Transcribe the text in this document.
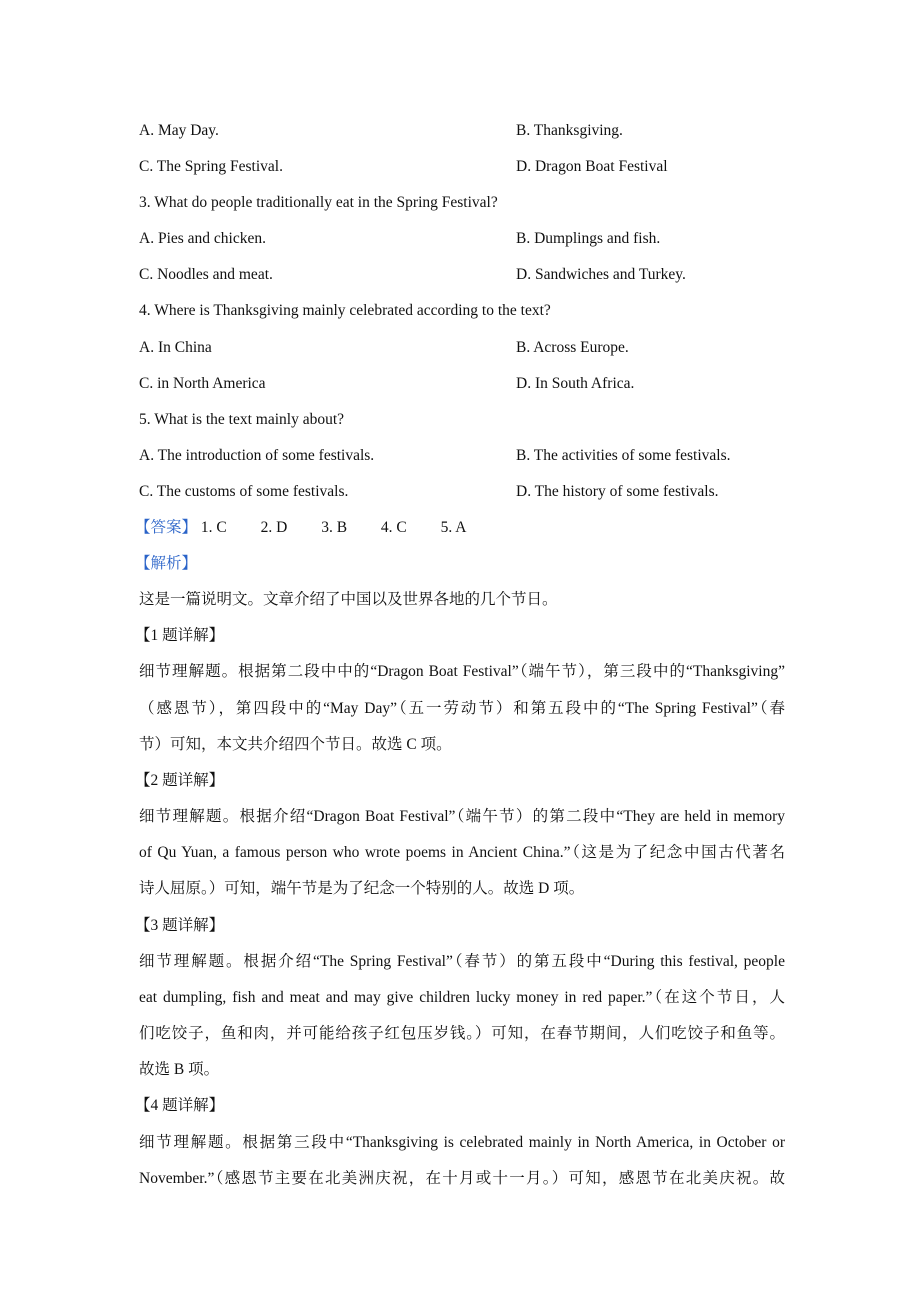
A. May Day.	B. Thanksgiving.
C. The Spring Festival.	D. Dragon Boat Festival
3. What do people traditionally eat in the Spring Festival?
A. Pies and chicken.	B. Dumplings and fish.
C. Noodles and meat.	D. Sandwiches and Turkey.
4. Where is Thanksgiving mainly celebrated according to the text?
A. In China	B. Across Europe.
C. in North America	D. In South Africa.
5. What is the text mainly about?
A. The introduction of some festivals.	B. The activities of some festivals.
C. The customs of some festivals.	D. The history of some festivals.
【答案】 1. C 2. D 3. B 4. C 5. A
【解析】
这是一篇说明文。文章介绍了中国以及世界各地的几个节日。
【1 题详解】
细节理解题。根据第二段中中的“Dragon Boat Festival”（端午节），第三段中的“Thanksgiving”
（感恩节），第四段中的“May Day”（五一劳动节）和第五段中的“The Spring Festival”（春
节）可知，本文共介绍四个节日。故选 C 项。
【2 题详解】
细节理解题。根据介绍“Dragon Boat Festival”（端午节）的第二段中“They are held in memory
of Qu Yuan, a famous person who wrote poems in Ancient China.”（这是为了纪念中国古代著名
诗人屈原。）可知，端午节是为了纪念一个特别的人。故选 D 项。
【3 题详解】
细节理解题。根据介绍“The Spring Festival”（春节）的第五段中“During this festival, people
eat dumpling, fish and meat and may give children lucky money in red paper.”（在这个节日，人
们吃饺子，鱼和肉，并可能给孩子红包压岁钱。）可知，在春节期间，人们吃饺子和鱼等。
故选 B 项。
【4 题详解】
细节理解题。根据第三段中“Thanksgiving is celebrated mainly in North America, in October or
November.”（感恩节主要在北美洲庆祝，在十月或十一月。）可知，感恩节在北美庆祝。故
